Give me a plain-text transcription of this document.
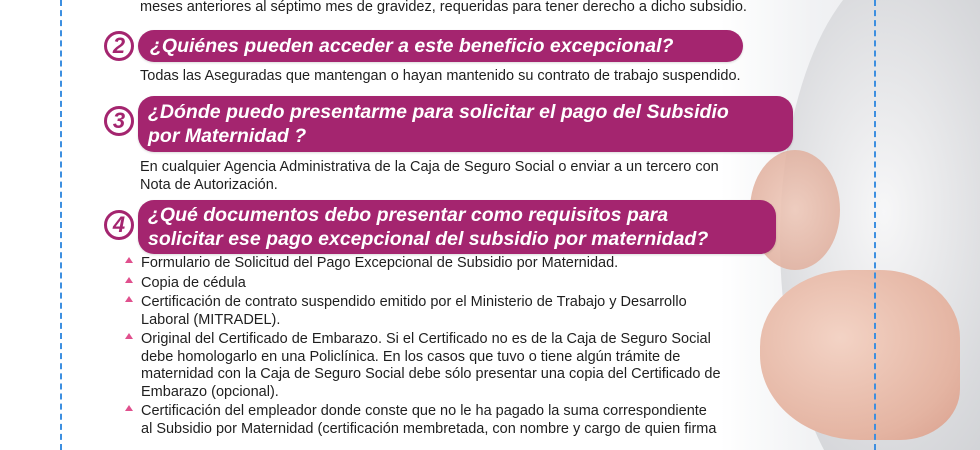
meses anteriores al séptimo mes de gravidez, requeridas para tener derecho a dicho subsidio.
¿Quiénes pueden acceder a este beneficio excepcional?
2
Todas las Aseguradas que mantengan o hayan mantenido su contrato de trabajo suspendido.
¿Dónde puedo presentarme para solicitar el pago del Subsidio
por Maternidad ?
3
En cualquier Agencia Administrativa de la Caja de Seguro Social o enviar a un tercero con
Nota de Autorización.
¿Qué documentos debo presentar como requisitos para
solicitar ese pago excepcional del subsidio por maternidad?
4
Formulario de Solicitud del Pago Excepcional de Subsidio por Maternidad.
Copia de cédula
Certificación de contrato suspendido emitido por el Ministerio de Trabajo y Desarrollo
Laboral (MITRADEL).
Original del Certificado de Embarazo. Si el Certificado no es de la Caja de Seguro Social
debe homologarlo en una Policlínica. En los casos que tuvo o tiene algún trámite de
maternidad con la Caja de Seguro Social debe sólo presentar una copia del Certificado de
Embarazo (opcional).
Certificación del empleador donde conste que no le ha pagado la suma correspondiente
al Subsidio por Maternidad (certificación membretada, con nombre y cargo de quien firma
